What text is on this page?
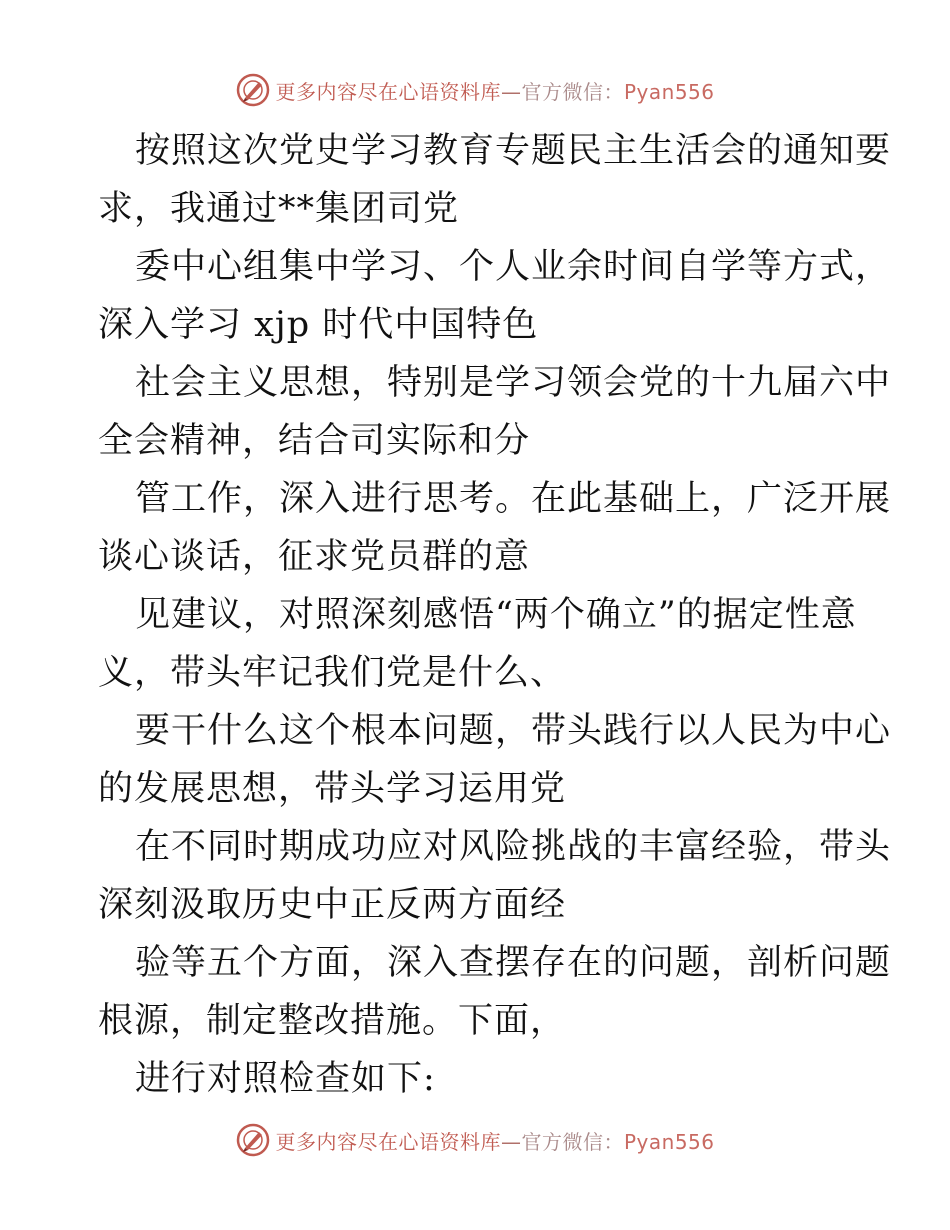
更多内容尽在心语资料库—官方微信：Pyan556

按照这次党史学习教育专题民主生活会的通知要
求，我通过**集团司党

委中心组集中学习、个人业余时间自学等方式，
深入学习 xjp 时代中国特色

社会主义思想，特别是学习领会党的十九届六中
全会精神，结合司实际和分

管工作，深入进行思考。在此基础上，广泛开展
谈心谈话，征求党员群的意

见建议，对照深刻感悟“两个确立”的据定性意
义，带头牢记我们党是什么、

要干什么这个根本问题，带头践行以人民为中心
的发展思想，带头学习运用党

在不同时期成功应对风险挑战的丰富经验，带头
深刻汲取历史中正反两方面经

验等五个方面，深入查摆存在的问题，剖析问题
根源，制定整改措施。下面，

进行对照检查如下:

更多内容尽在心语资料库—官方微信：Pyan556
